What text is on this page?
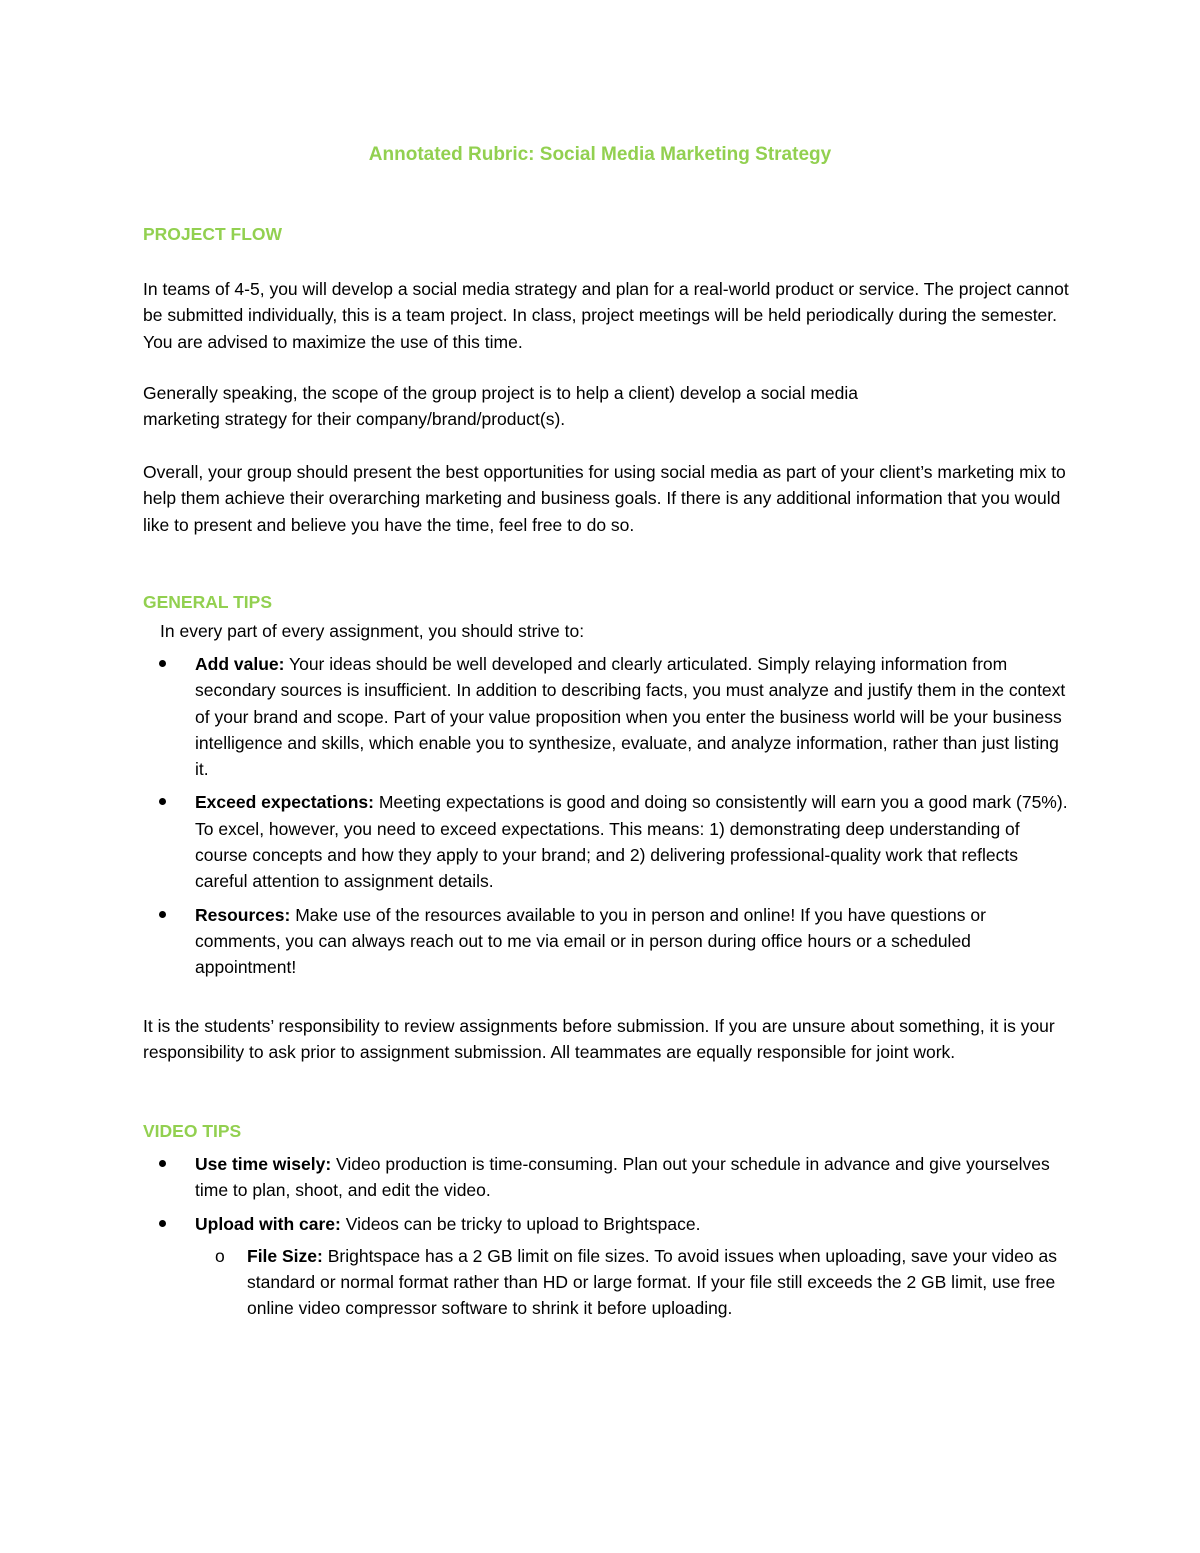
Annotated Rubric: Social Media Marketing Strategy
PROJECT FLOW

In teams of 4-5, you will develop a social media strategy and plan for a real-world product or service. The project cannot be submitted individually, this is a team project. In class, project meetings will be held periodically during the semester. You are advised to maximize the use of this time.

Generally speaking, the scope of the group project is to help a client) develop a social media marketing strategy for their company/brand/product(s).

Overall, your group should present the best opportunities for using social media as part of your client’s marketing mix to help them achieve their overarching marketing and business goals. If there is any additional information that you would like to present and believe you have the time, feel free to do so.

GENERAL TIPS
In every part of every assignment, you should strive to:
Add value: Your ideas should be well developed and clearly articulated. Simply relaying information from secondary sources is insufficient. In addition to describing facts, you must analyze and justify them in the context of your brand and scope. Part of your value proposition when you enter the business world will be your business intelligence and skills, which enable you to synthesize, evaluate, and analyze information, rather than just listing it.
Exceed expectations: Meeting expectations is good and doing so consistently will earn you a good mark (75%). To excel, however, you need to exceed expectations. This means: 1) demonstrating deep understanding of course concepts and how they apply to your brand; and 2) delivering professional-quality work that reflects careful attention to assignment details.
Resources: Make use of the resources available to you in person and online! If you have questions or comments, you can always reach out to me via email or in person during office hours or a scheduled appointment!

It is the students’ responsibility to review assignments before submission. If you are unsure about something, it is your responsibility to ask prior to assignment submission. All teammates are equally responsible for joint work.

VIDEO TIPS
Use time wisely: Video production is time-consuming. Plan out your schedule in advance and give yourselves time to plan, shoot, and edit the video.
Upload with care: Videos can be tricky to upload to Brightspace.
o File Size: Brightspace has a 2 GB limit on file sizes. To avoid issues when uploading, save your video as standard or normal format rather than HD or large format. If your file still exceeds the 2 GB limit, use free online video compressor software to shrink it before uploading.
